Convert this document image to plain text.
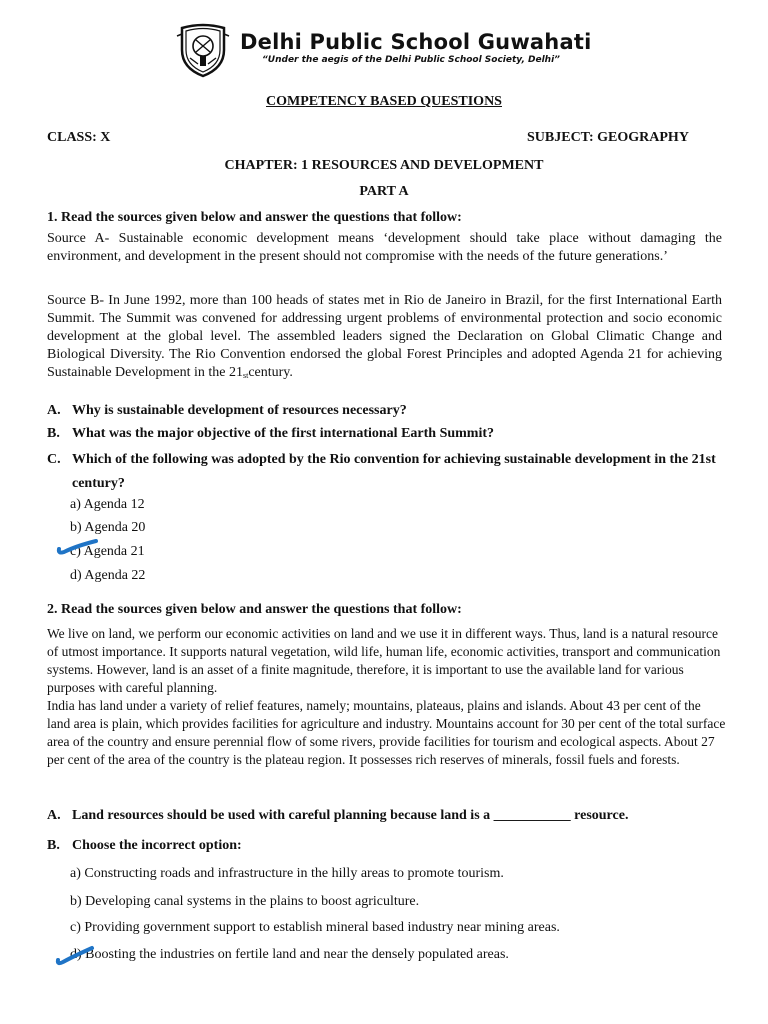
Delhi Public School Guwahati
“Under the aegis of the Delhi Public School Society, Delhi”
COMPETENCY BASED QUESTIONS
CLASS: X	SUBJECT: GEOGRAPHY
CHAPTER: 1 RESOURCES AND DEVELOPMENT
PART A
1. Read the sources given below and answer the questions that follow:
Source A- Sustainable economic development means ‘development should take place without damaging the environment, and development in the present should not compromise with the needs of the future generations.’
Source B- In June 1992, more than 100 heads of states met in Rio de Janeiro in Brazil, for the first International Earth Summit. The Summit was convened for addressing urgent problems of environmental protection and socio economic development at the global level. The assembled leaders signed the Declaration on Global Climatic Change and Biological Diversity. The Rio Convention endorsed the global Forest Principles and adopted Agenda 21 for achieving Sustainable Development in the $21_{st}century$.
A. Why is sustainable development of resources necessary?
B. What was the major objective of the first international Earth Summit?
C. Which of the following was adopted by the Rio convention for achieving sustainable development in the 21st century?
a) Agenda 12
b) Agenda 20
c) Agenda 21
d) Agenda 22
2. Read the sources given below and answer the questions that follow:
We live on land, we perform our economic activities on land and we use it in different ways. Thus, land is a natural resource of utmost importance. It supports natural vegetation, wild life, human life, economic activities, transport and communication systems. However, land is an asset of a finite magnitude, therefore, it is important to use the available land for various purposes with careful planning.
India has land under a variety of relief features, namely; mountains, plateaus, plains and islands. About 43 per cent of the land area is plain, which provides facilities for agriculture and industry. Mountains account for 30 per cent of the total surface area of the country and ensure perennial flow of some rivers, provide facilities for tourism and ecological aspects. About 27 per cent of the area of the country is the plateau region. It possesses rich reserves of minerals, fossil fuels and forests.
A. Land resources should be used with careful planning because land is a ___________ resource.
B. Choose the incorrect option:
a) Constructing roads and infrastructure in the hilly areas to promote tourism.
b) Developing canal systems in the plains to boost agriculture.
c) Providing government support to establish mineral based industry near mining areas.
d) Boosting the industries on fertile land and near the densely populated areas.
